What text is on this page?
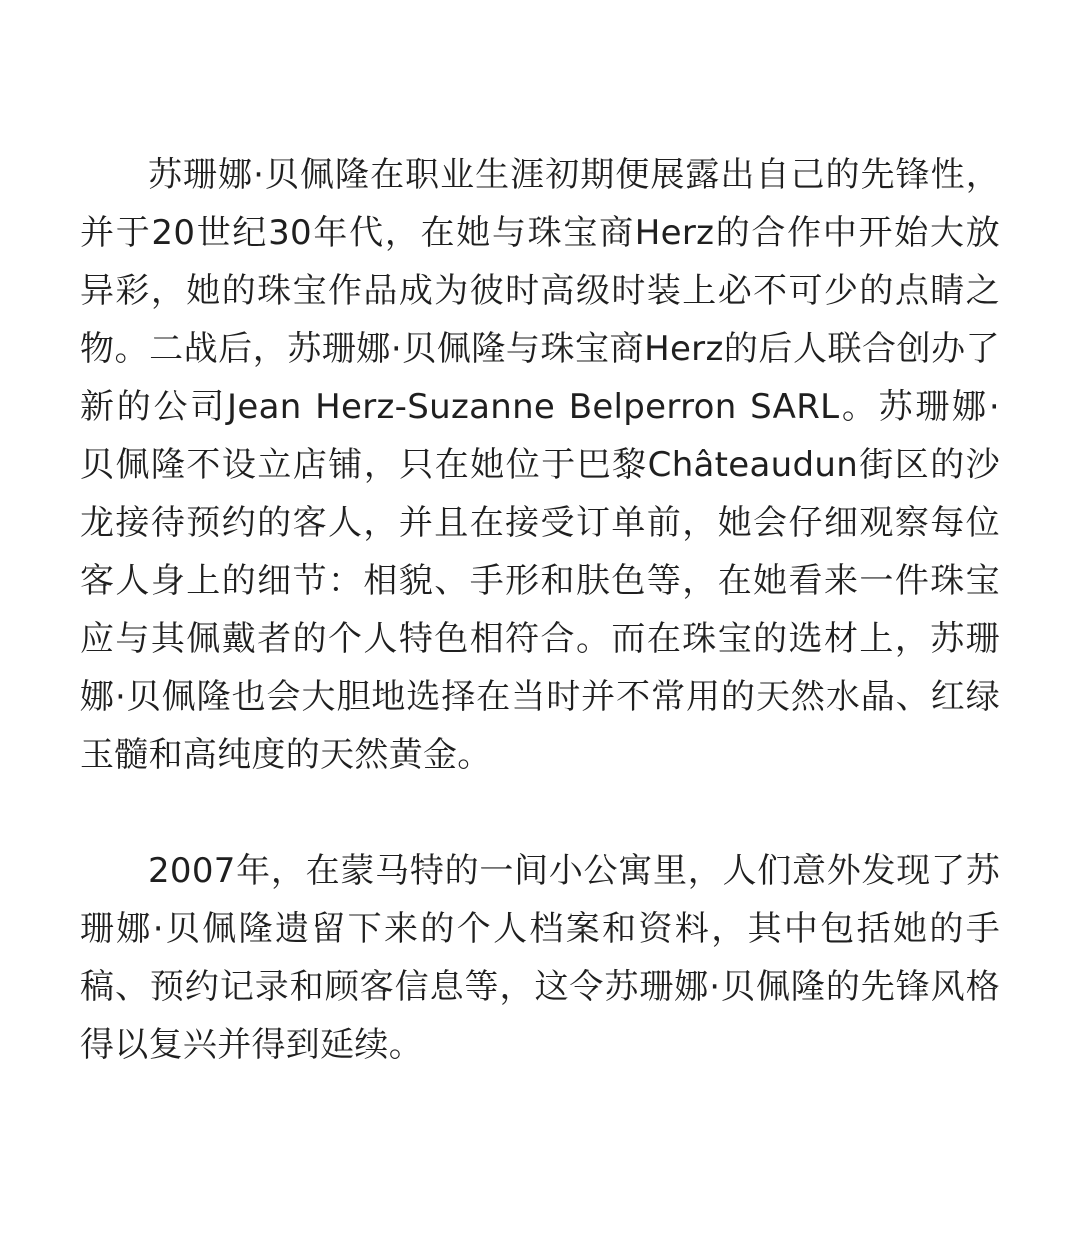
苏珊娜·贝佩隆在职业生涯初期便展露出自己的先锋性，并于20世纪30年代，在她与珠宝商Herz的合作中开始大放异彩，她的珠宝作品成为彼时高级时装上必不可少的点睛之物。二战后，苏珊娜·贝佩隆与珠宝商Herz的后人联合创办了新的公司Jean Herz-Suzanne Belperron SARL。苏珊娜·贝佩隆不设立店铺，只在她位于巴黎Châteaudun街区的沙龙接待预约的客人，并且在接受订单前，她会仔细观察每位客人身上的细节：相貌、手形和肤色等，在她看来一件珠宝应与其佩戴者的个人特色相符合。而在珠宝的选材上，苏珊娜·贝佩隆也会大胆地选择在当时并不常用的天然水晶、红绿玉髓和高纯度的天然黄金。

2007年，在蒙马特的一间小公寓里，人们意外发现了苏珊娜·贝佩隆遗留下来的个人档案和资料，其中包括她的手稿、预约记录和顾客信息等，这令苏珊娜·贝佩隆的先锋风格得以复兴并得到延续。
